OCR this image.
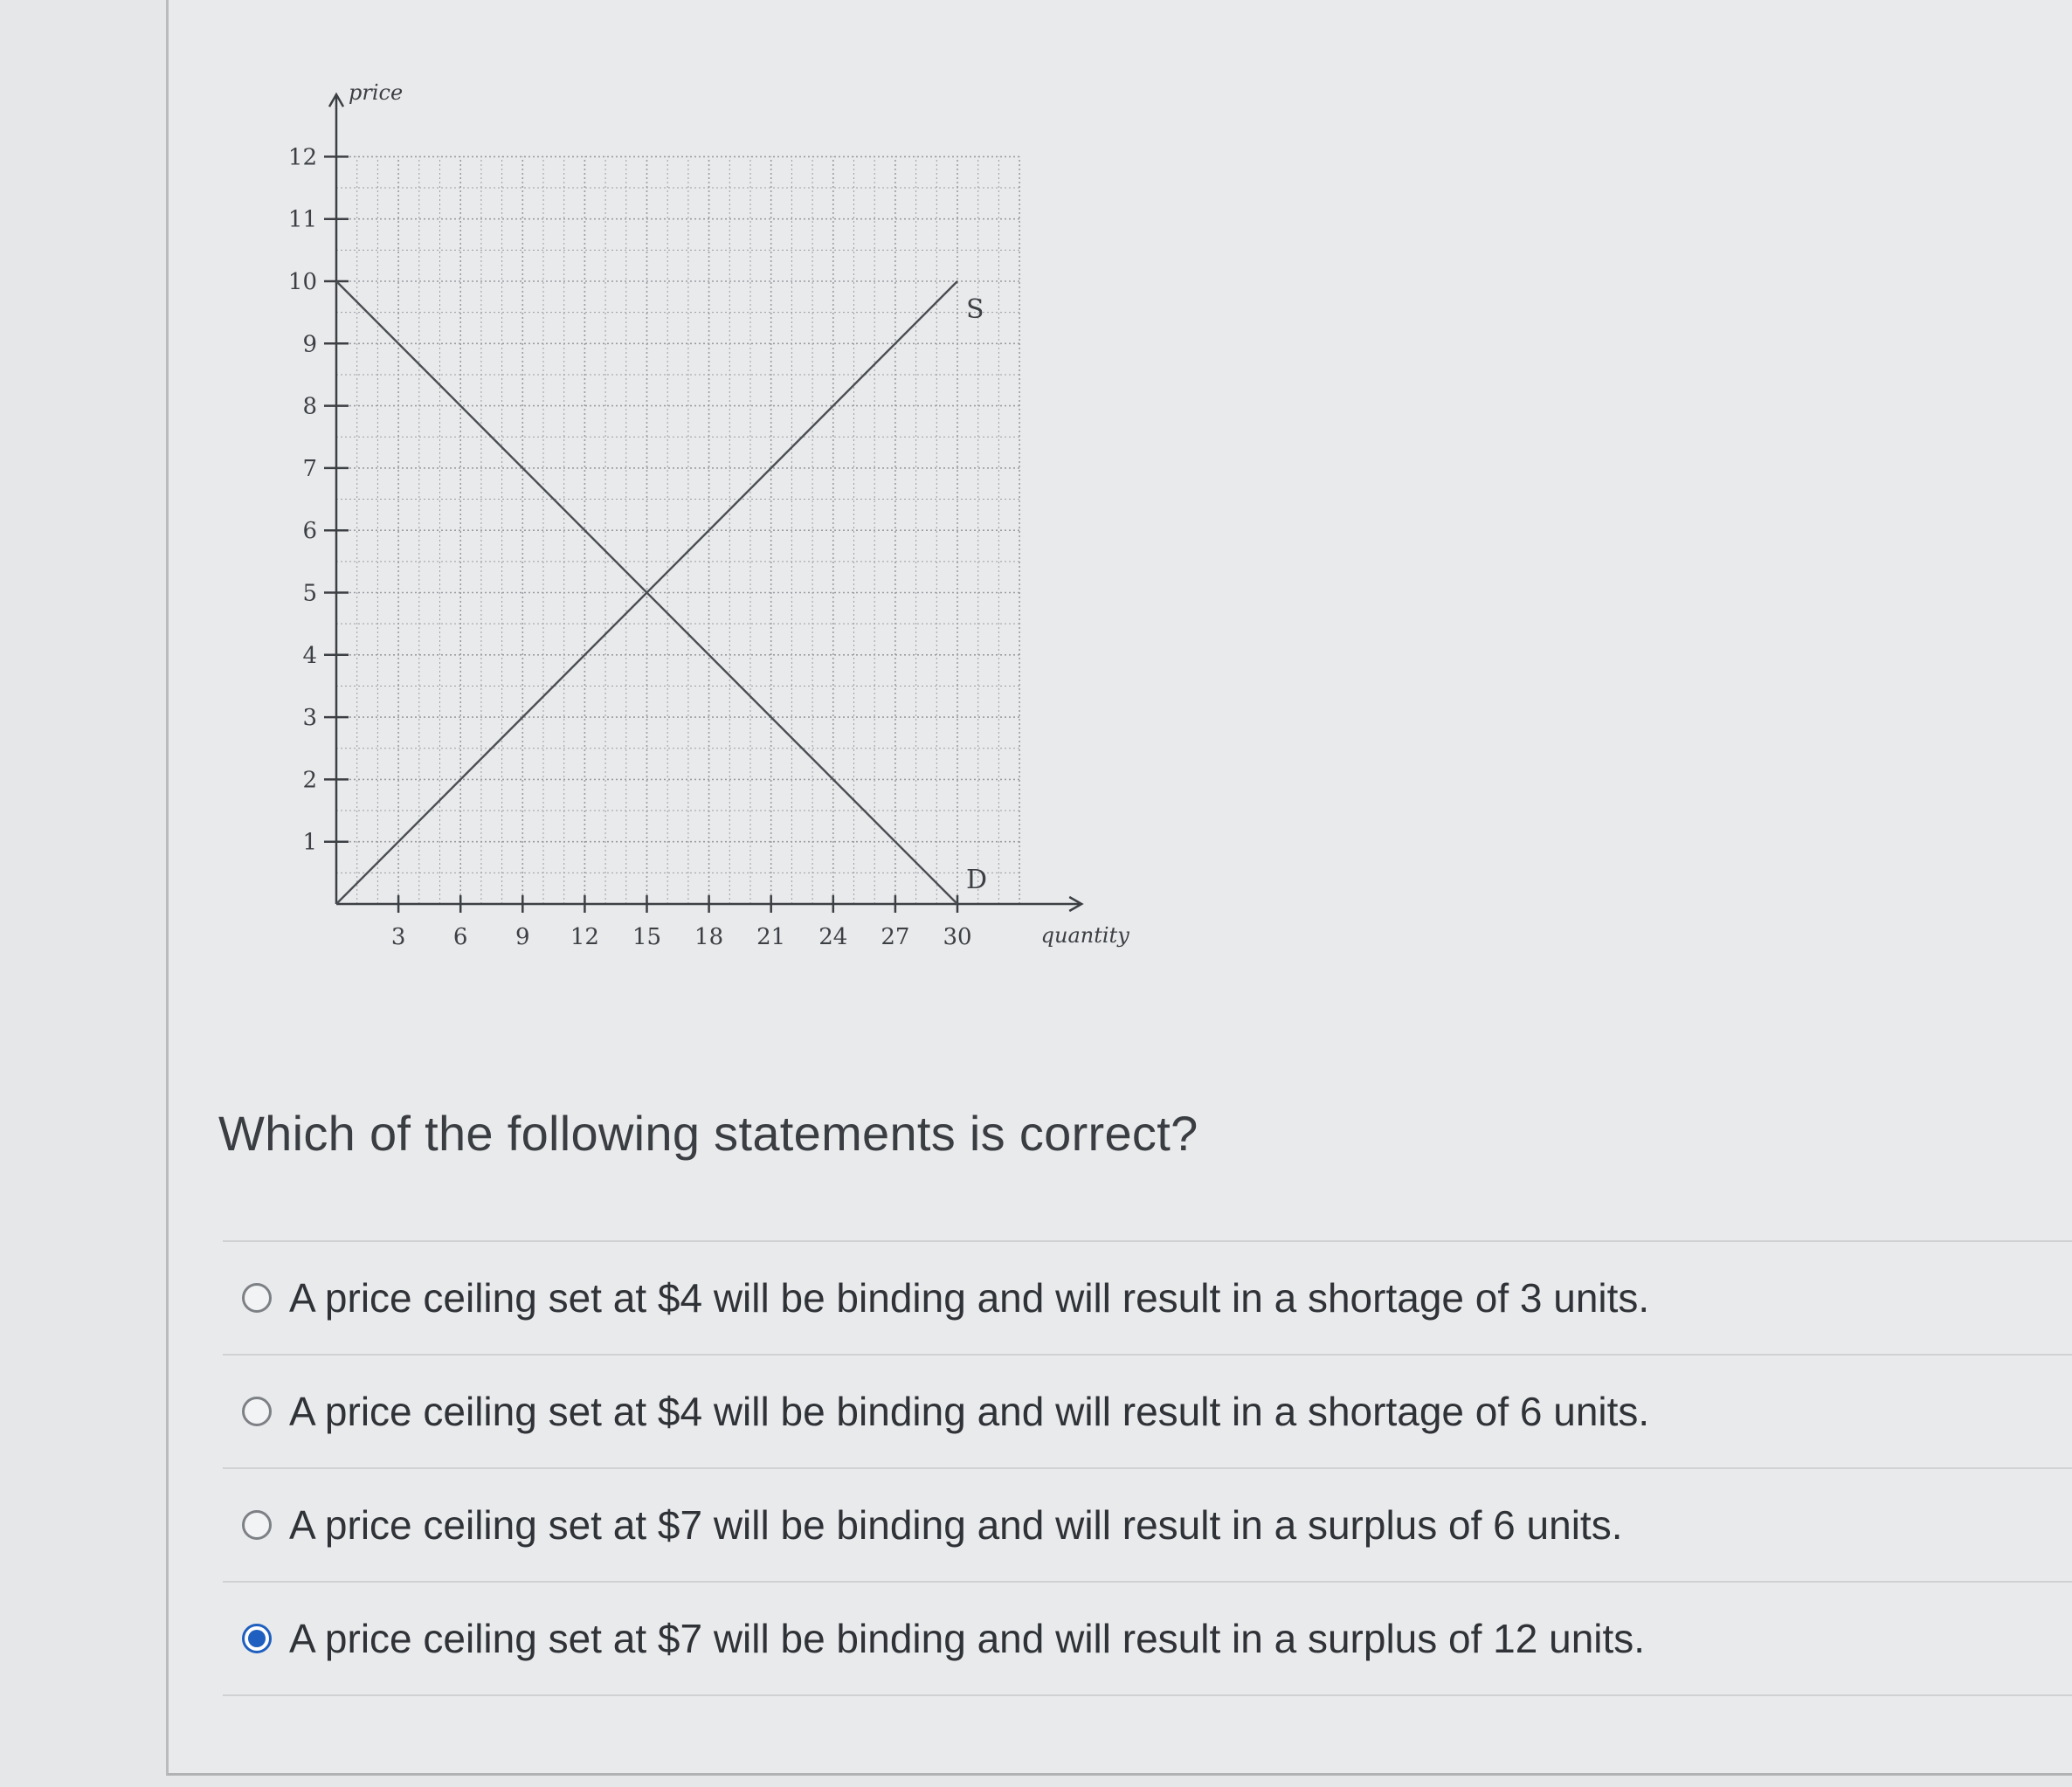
3 6 9 12 15 18 21 24 27 30
1
2
3
4
5
6
7
8
9
10
11
12
quantity
price
S
D
Which of the following statements is correct?
A price ceiling set at $4 will be binding and will result in a shortage of 3 units.
A price ceiling set at $4 will be binding and will result in a shortage of 6 units.
A price ceiling set at $7 will be binding and will result in a surplus of 6 units.
A price ceiling set at $7 will be binding and will result in a surplus of 12 units.
